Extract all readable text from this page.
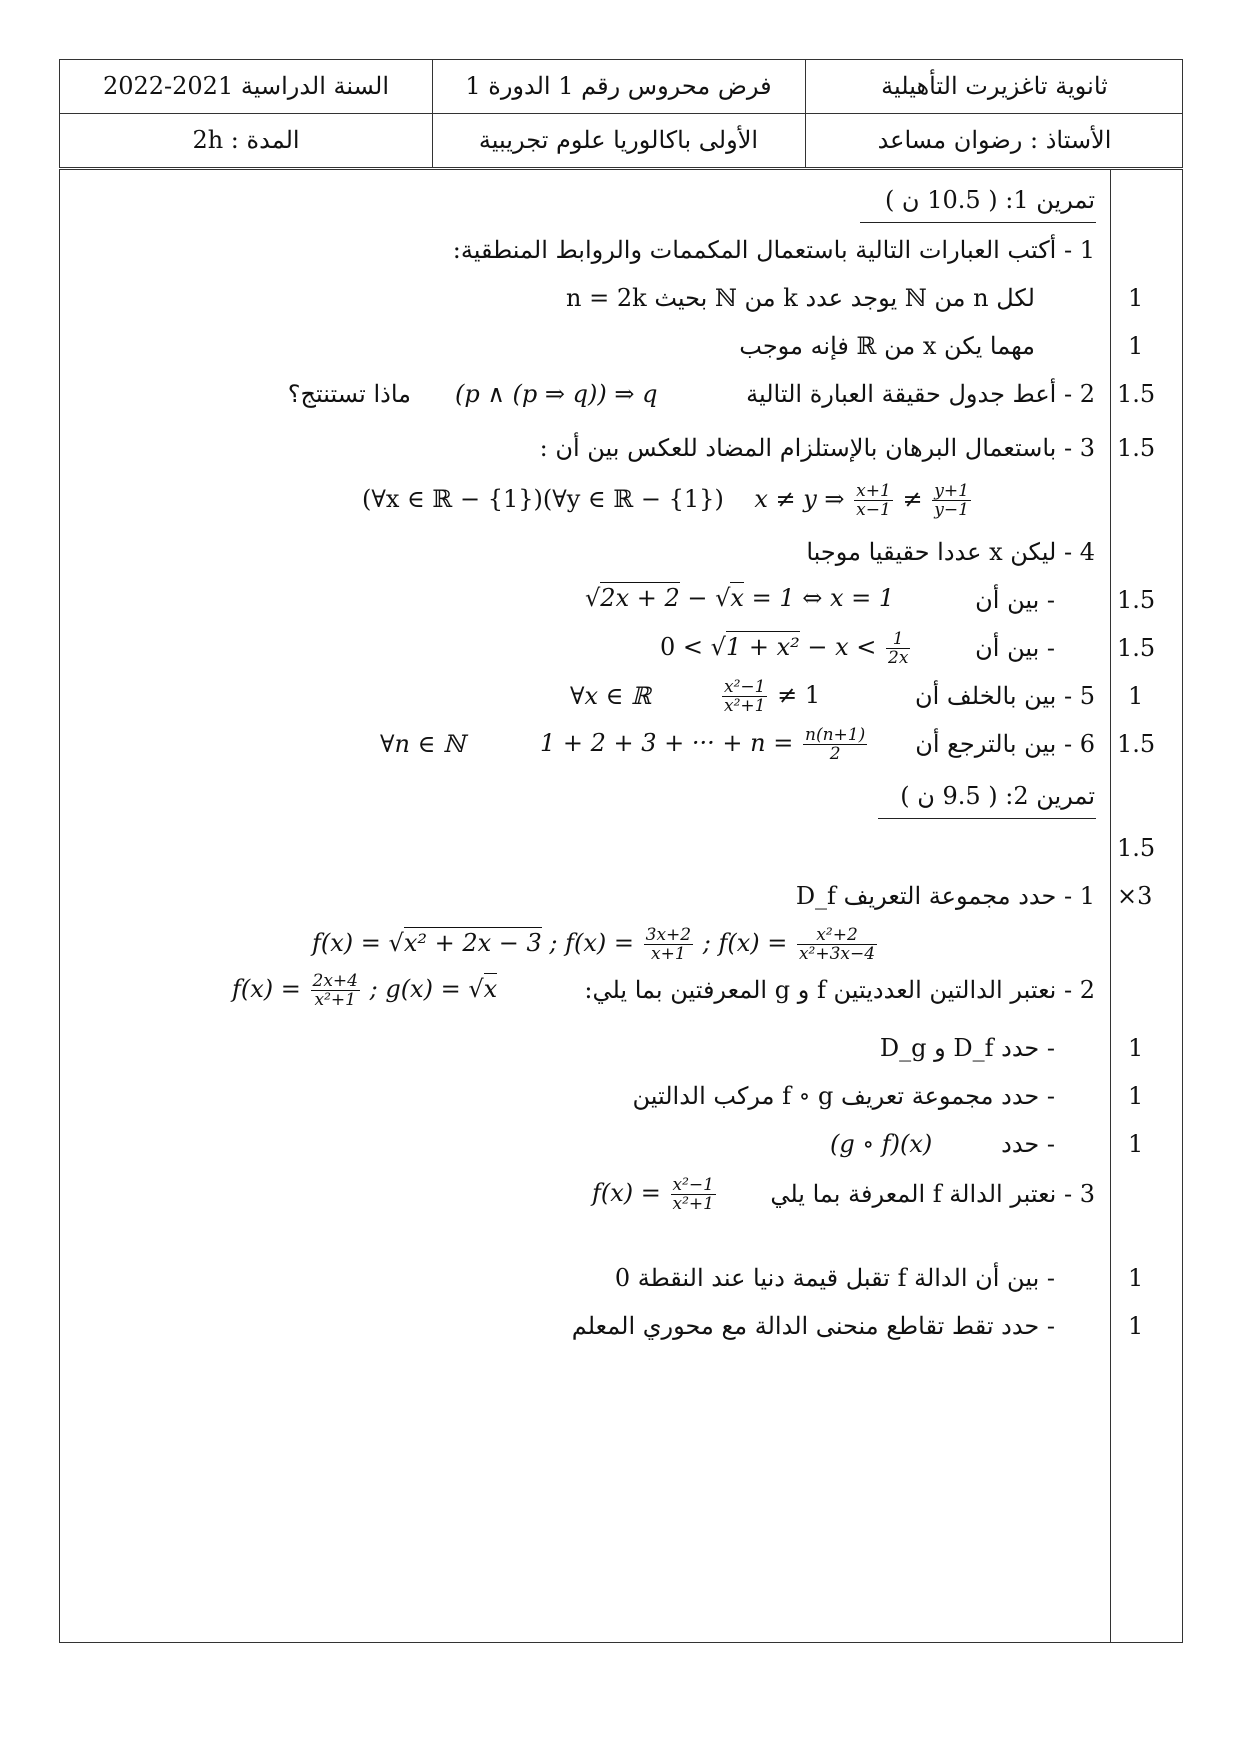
ثانوية تاغزيرت التأهيلية
فرض محروس رقم 1 الدورة 1
السنة الدراسية 2021-2022
الأستاذ : رضوان مساعد
الأولى باكالوريا علوم تجريبية
المدة : 2h
تمرين 1: ( 10.5 ن )
1 - أكتب العبارات التالية باستعمال المكممات والروابط المنطقية:
لكل n من ℕ يوجد عدد k من ℕ بحيث n = 2k
مهما يكن x من ℝ فإنه موجب
2 - أعط جدول حقيقة العبارة التالية
(p ∧ (p ⇒ q)) ⇒ q
ماذا تستنتج؟
3 - باستعمال البرهان بالإستلزام المضاد للعكس بين أن :
(∀x ∈ ℝ − {1})(∀y ∈ ℝ − {1}) x ≠ y ⇒ $\frac{x+1}{x-1} \ne \frac{y+1}{y-1}$
4 - ليكن x عددا حقيقيا موجبا
- بين أن
√2x + 2 − √x = 1 ⇔ x = 1
- بين أن
$0 < √1 + x^2 - x < \frac{1}{2x}$
5 - بين بالخلف أن
$\frac{\text{x²−1}}{\text{x²+1}} \ne 1$
∀x ∈ ℝ
6 - بين بالترجع أن
1 + 2 + 3 + ··· + $n = \frac{n(n+1)}{2}$
∀n ∈ ℕ
تمرين 2: ( 9.5 ن )
1 - حدد مجموعة التعريف D_f
f(x) = √x² + 2x − 3 ; $f(x) = \frac{3x+2}{x+1}$ ; $f(x) = \frac{\text{x²+2}}{\text{x²+3x−4}}$
2 - نعتبر الدالتين العدديتين f و g المعرفتين بما يلي:
$f(x) = \frac{2x+4}{\text{x²+1}}$ ; g(x) = √x
- حدد D_f و D_g
- حدد مجموعة تعريف f ∘ g مركب الدالتين
- حدد
(g ∘ f)(x)
3 - نعتبر الدالة f المعرفة بما يلي
$f(x) = \frac{\text{x²−1}}{\text{x²+1}}$
- بين أن الدالة f تقبل قيمة دنيا عند النقطة 0
- حدد تقط تقاطع منحنى الدالة مع محوري المعلم
1
1
1.5
1.5
1.5
1.5
1
1.5
1.5
×3
1
1
1
1
1
